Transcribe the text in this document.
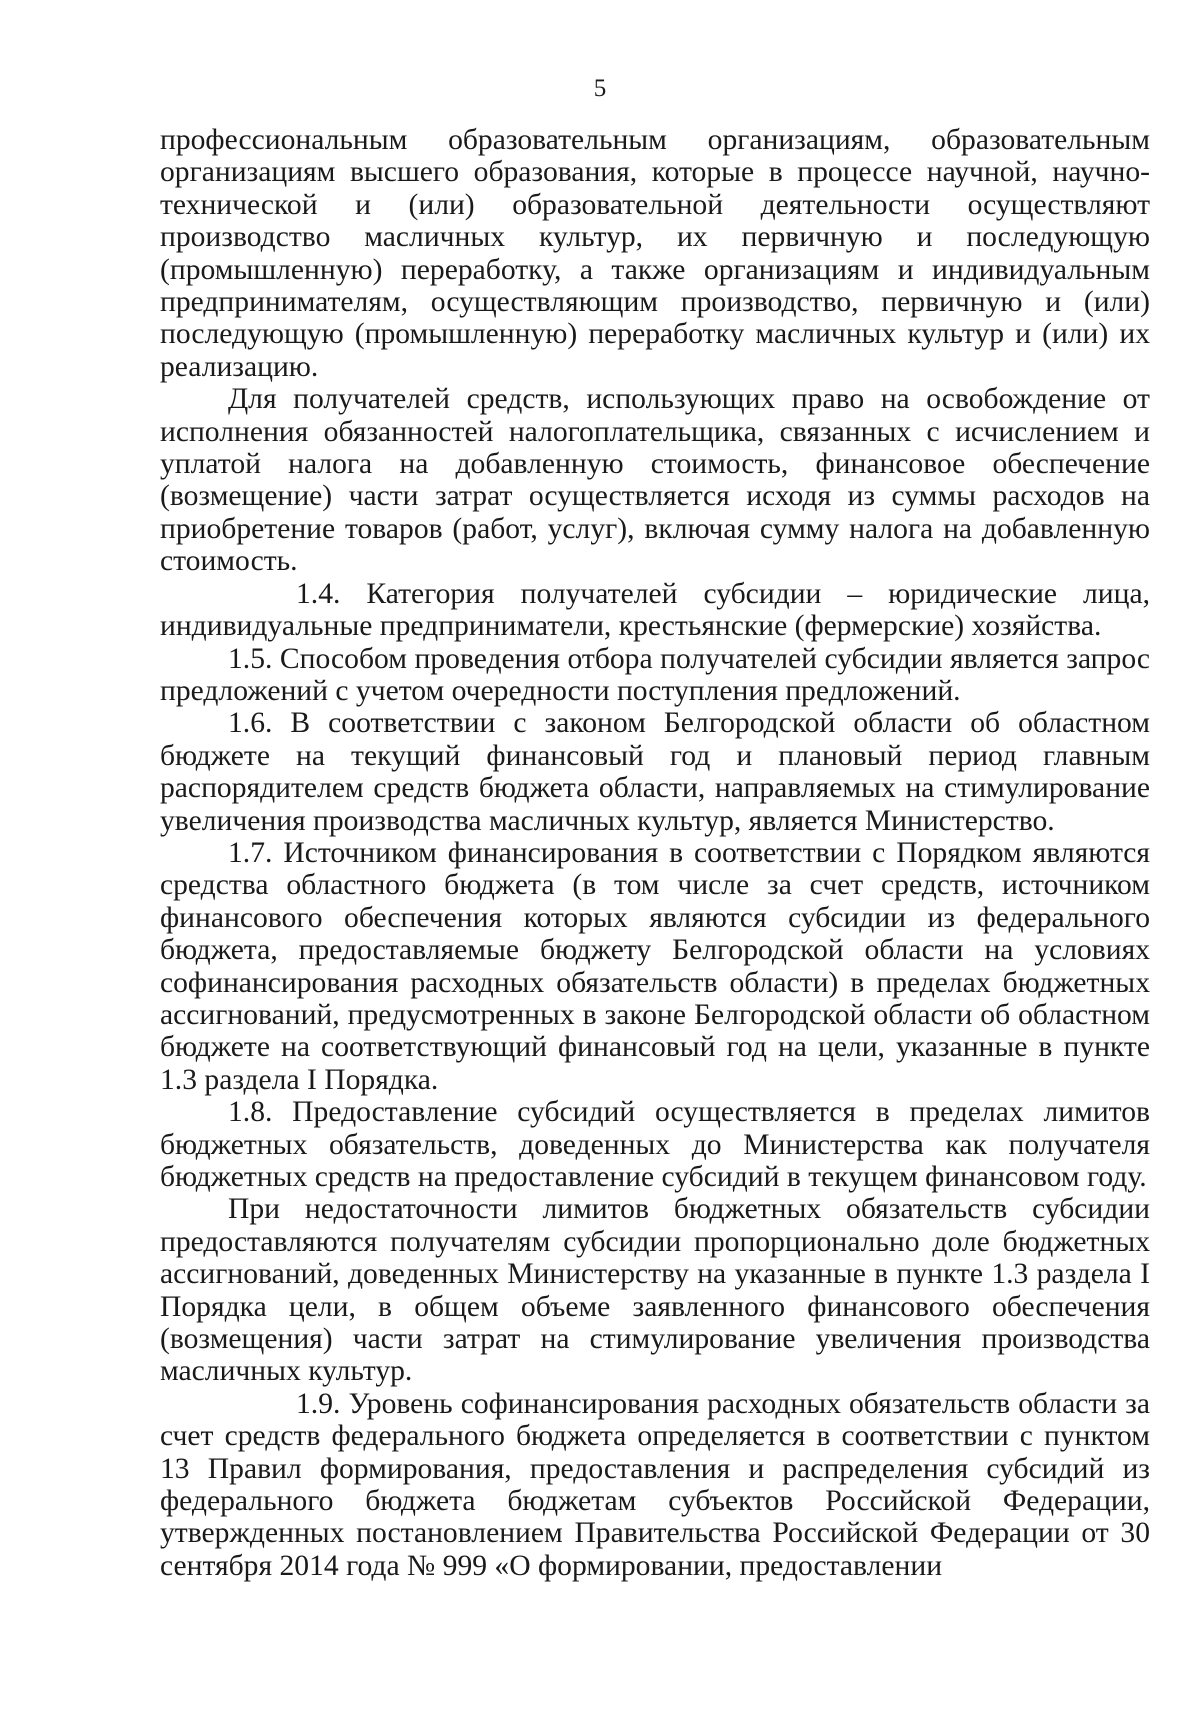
5

профессиональным образовательным организациям, образовательным организациям высшего образования, которые в процессе научной, научно-технической и (или) образовательной деятельности осуществляют производство масличных культур, их первичную и последующую (промышленную) переработку, а также организациям и индивидуальным предпринимателям, осуществляющим производство, первичную и (или) последующую (промышленную) переработку масличных культур и (или) их реализацию.

Для получателей средств, использующих право на освобождение от исполнения обязанностей налогоплательщика, связанных с исчислением и уплатой налога на добавленную стоимость, финансовое обеспечение (возмещение) части затрат осуществляется исходя из суммы расходов на приобретение товаров (работ, услуг), включая сумму налога на добавленную стоимость.

1.4. Категория получателей субсидии – юридические лица, индивидуальные предприниматели, крестьянские (фермерские) хозяйства.

1.5. Способом проведения отбора получателей субсидии является запрос предложений с учетом очередности поступления предложений.

1.6. В соответствии с законом Белгородской области об областном бюджете на текущий финансовый год и плановый период главным распорядителем средств бюджета области, направляемых на стимулирование увеличения производства масличных культур, является Министерство.

1.7. Источником финансирования в соответствии с Порядком являются средства областного бюджета (в том числе за счет средств, источником финансового обеспечения которых являются субсидии из федерального бюджета, предоставляемые бюджету Белгородской области на условиях софинансирования расходных обязательств области) в пределах бюджетных ассигнований, предусмотренных в законе Белгородской области об областном бюджете на соответствующий финансовый год на цели, указанные в пункте 1.3 раздела I Порядка.

1.8. Предоставление субсидий осуществляется в пределах лимитов бюджетных обязательств, доведенных до Министерства как получателя бюджетных средств на предоставление субсидий в текущем финансовом году.

При недостаточности лимитов бюджетных обязательств субсидии предоставляются получателям субсидии пропорционально доле бюджетных ассигнований, доведенных Министерству на указанные в пункте 1.3 раздела I Порядка цели, в общем объеме заявленного финансового обеспечения (возмещения) части затрат на стимулирование увеличения производства масличных культур.

1.9. Уровень софинансирования расходных обязательств области за счет средств федерального бюджета определяется в соответствии с пунктом 13 Правил формирования, предоставления и распределения субсидий из федерального бюджета бюджетам субъектов Российской Федерации, утвержденных постановлением Правительства Российской Федерации от 30 сентября 2014 года № 999 «О формировании, предоставлении
